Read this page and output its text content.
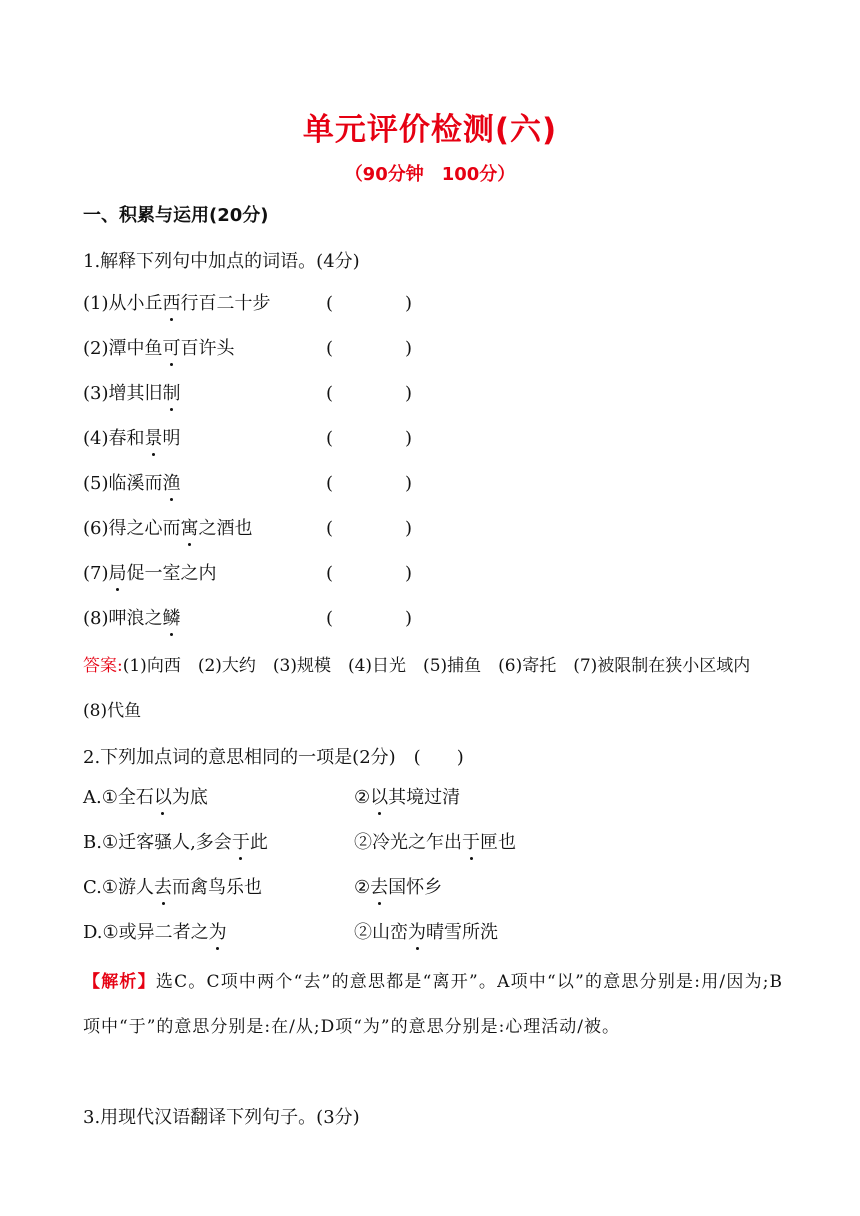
单元评价检测(六)
（90分钟　100分）
一、积累与运用(20分)
1.解释下列句中加点的词语。(4分)
(1)从小丘西行百二十步	(　　　　)
(2)潭中鱼可百许头	(　　　　)
(3)增其旧制	(　　　　)
(4)春和景明	(　　　　)
(5)临溪而渔	(　　　　)
(6)得之心而寓之酒也	(　　　　)
(7)局促一室之内	(　　　　)
(8)呷浪之鳞	(　　　　)
答案:(1)向西　(2)大约　(3)规模　(4)日光　(5)捕鱼　(6)寄托　(7)被限制在狭小区域内　(8)代鱼
2.下列加点词的意思相同的一项是(2分)　(　　)
A.①全石以为底	②以其境过清
B.①迁客骚人,多会于此	②冷光之乍出于匣也
C.①游人去而禽鸟乐也	②去国怀乡
D.①或异二者之为	②山峦为晴雪所洗
【解析】选C。C项中两个“去”的意思都是“离开”。A项中“以”的意思分别是:用/因为;B项中“于”的意思分别是:在/从;D项“为”的意思分别是:心理活动/被。
3.用现代汉语翻译下列句子。(3分)
